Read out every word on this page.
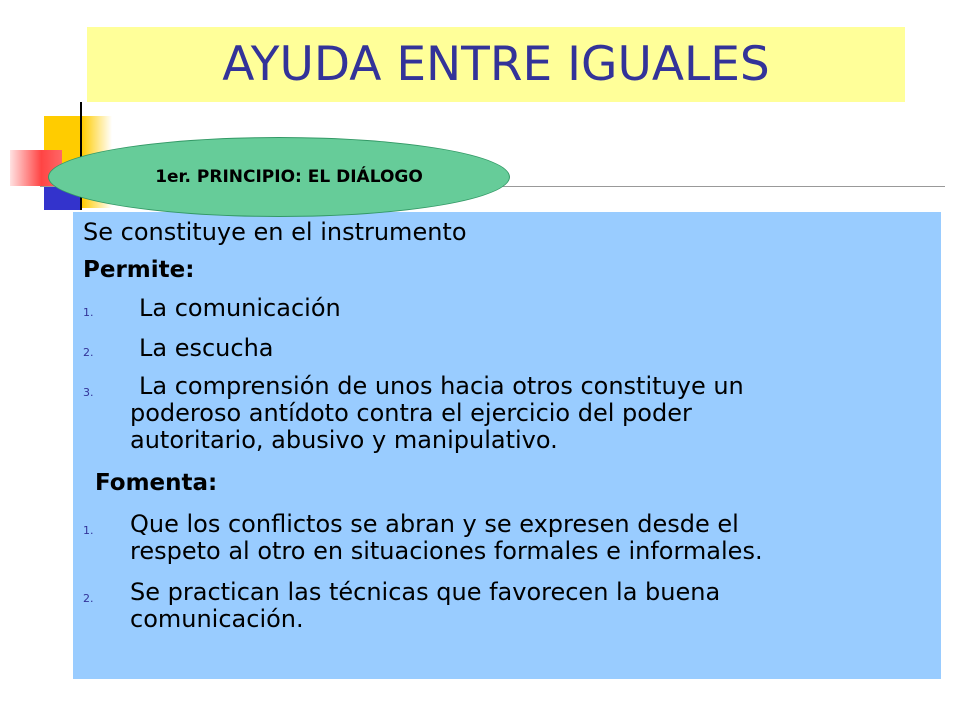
AYUDA ENTRE IGUALES
1er. PRINCIPIO: EL DIÁLOGO
Se constituye en el instrumento
Permite:
1. La comunicación
2. La escucha
3. La comprensión de unos hacia otros constituye un
poderoso antídoto contra el ejercicio del poder
autoritario, abusivo y manipulativo.
Fomenta:
1. Que los conflictos se abran y se expresen desde el
respeto al otro en situaciones formales e informales.
2. Se practican las técnicas que favorecen la buena
comunicación.
